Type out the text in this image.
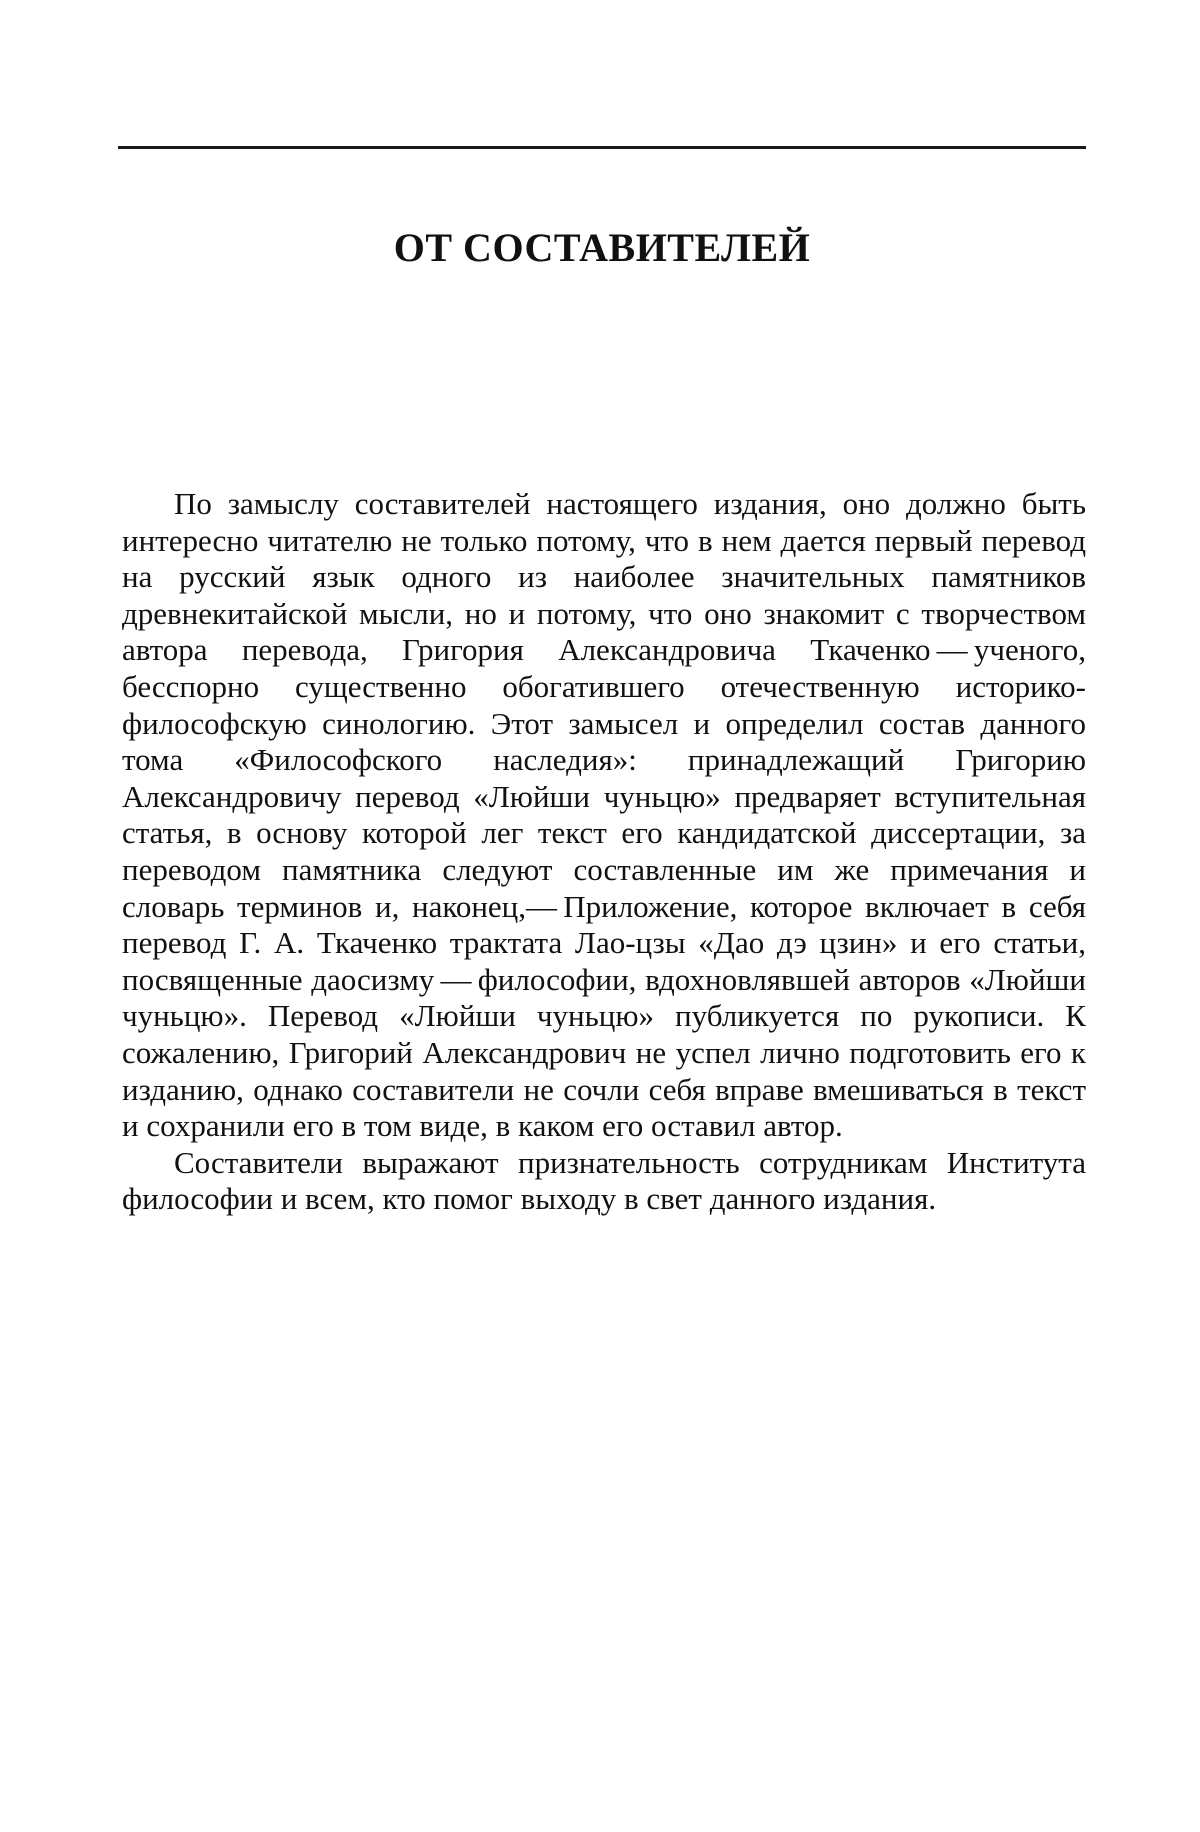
ОТ СОСТАВИТЕЛЕЙ

По замыслу составителей настоящего издания, оно должно быть интересно читателю не только потому, что в нем дается первый перевод на русский язык одного из наиболее значительных памятников древнекитайской мысли, но и потому, что оно знакомит с творчеством автора перевода, Григория Александровича Ткаченко — ученого, бесспорно существенно обогатившего отечественную историко-философскую синологию. Этот замысел и определил состав данного тома «Философского наследия»: принадлежащий Григорию Александровичу перевод «Люйши чуньцю» предваряет вступительная статья, в основу которой лег текст его кандидатской диссертации, за переводом памятника следуют составленные им же примечания и словарь терминов и, наконец,— Приложение, которое включает в себя перевод Г. А. Ткаченко трактата Лао-цзы «Дао дэ цзин» и его статьи, посвященные даосизму — философии, вдохновлявшей авторов «Люйши чуньцю». Перевод «Люйши чуньцю» публикуется по рукописи. К сожалению, Григорий Александрович не успел лично подготовить его к изданию, однако составители не сочли себя вправе вмешиваться в текст и сохранили его в том виде, в каком его оставил автор.

Составители выражают признательность сотрудникам Института философии и всем, кто помог выходу в свет данного издания.
